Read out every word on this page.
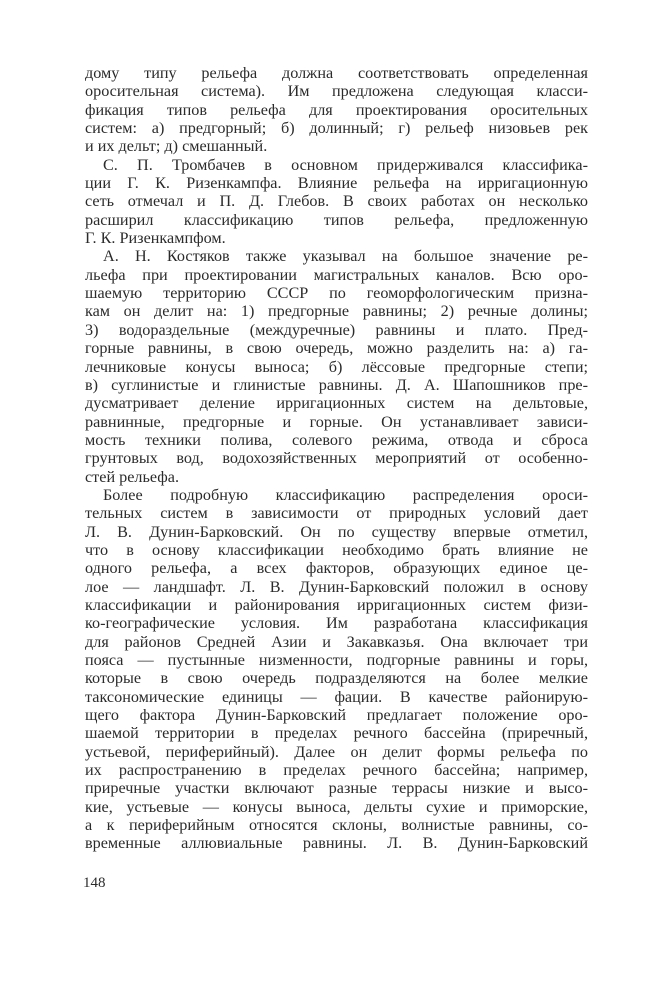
дому типу рельефа должна соответствовать определенная
оросительная система). Им предложена следующая класси-
фикация типов рельефа для проектирования оросительных
систем: а) предгорный; б) долинный; г) рельеф низовьев рек
и их дельт; д) смешанный.
С. П. Тромбачев в основном придерживался классифика-
ции Г. К. Ризенкампфа. Влияние рельефа на ирригационную
сеть отмечал и П. Д. Глебов. В своих работах он несколько
расширил классификацию типов рельефа, предложенную
Г. К. Ризенкампфом.
А. Н. Костяков также указывал на большое значение ре-
льефа при проектировании магистральных каналов. Всю оро-
шаемую территорию СССР по геоморфологическим призна-
кам он делит на: 1) предгорные равнины; 2) речные долины;
3) водораздельные (междуречные) равнины и плато. Пред-
горные равнины, в свою очередь, можно разделить на: а) га-
лечниковые конусы выноса; б) лёссовые предгорные степи;
в) суглинистые и глинистые равнины. Д. А. Шапошников пре-
дусматривает деление ирригационных систем на дельтовые,
равнинные, предгорные и горные. Он устанавливает зависи-
мость техники полива, солевого режима, отвода и сброса
грунтовых вод, водохозяйственных мероприятий от особенно-
стей рельефа.
Более подробную классификацию распределения ороси-
тельных систем в зависимости от природных условий дает
Л. В. Дунин-Барковский. Он по существу впервые отметил,
что в основу классификации необходимо брать влияние не
одного рельефа, а всех факторов, образующих единое це-
лое — ландшафт. Л. В. Дунин-Барковский положил в основу
классификации и районирования ирригационных систем физи-
ко-географические условия. Им разработана классификация
для районов Средней Азии и Закавказья. Она включает три
пояса — пустынные низменности, подгорные равнины и горы,
которые в свою очередь подразделяются на более мелкие
таксономические единицы — фации. В качестве районирую-
щего фактора Дунин-Барковский предлагает положение оро-
шаемой территории в пределах речного бассейна (приречный,
устьевой, периферийный). Далее он делит формы рельефа по
их распространению в пределах речного бассейна; например,
приречные участки включают разные террасы низкие и высо-
кие, устьевые — конусы выноса, дельты сухие и приморские,
а к периферийным относятся склоны, волнистые равнины, со-
временные аллювиальные равнины. Л. В. Дунин-Барковский
148
